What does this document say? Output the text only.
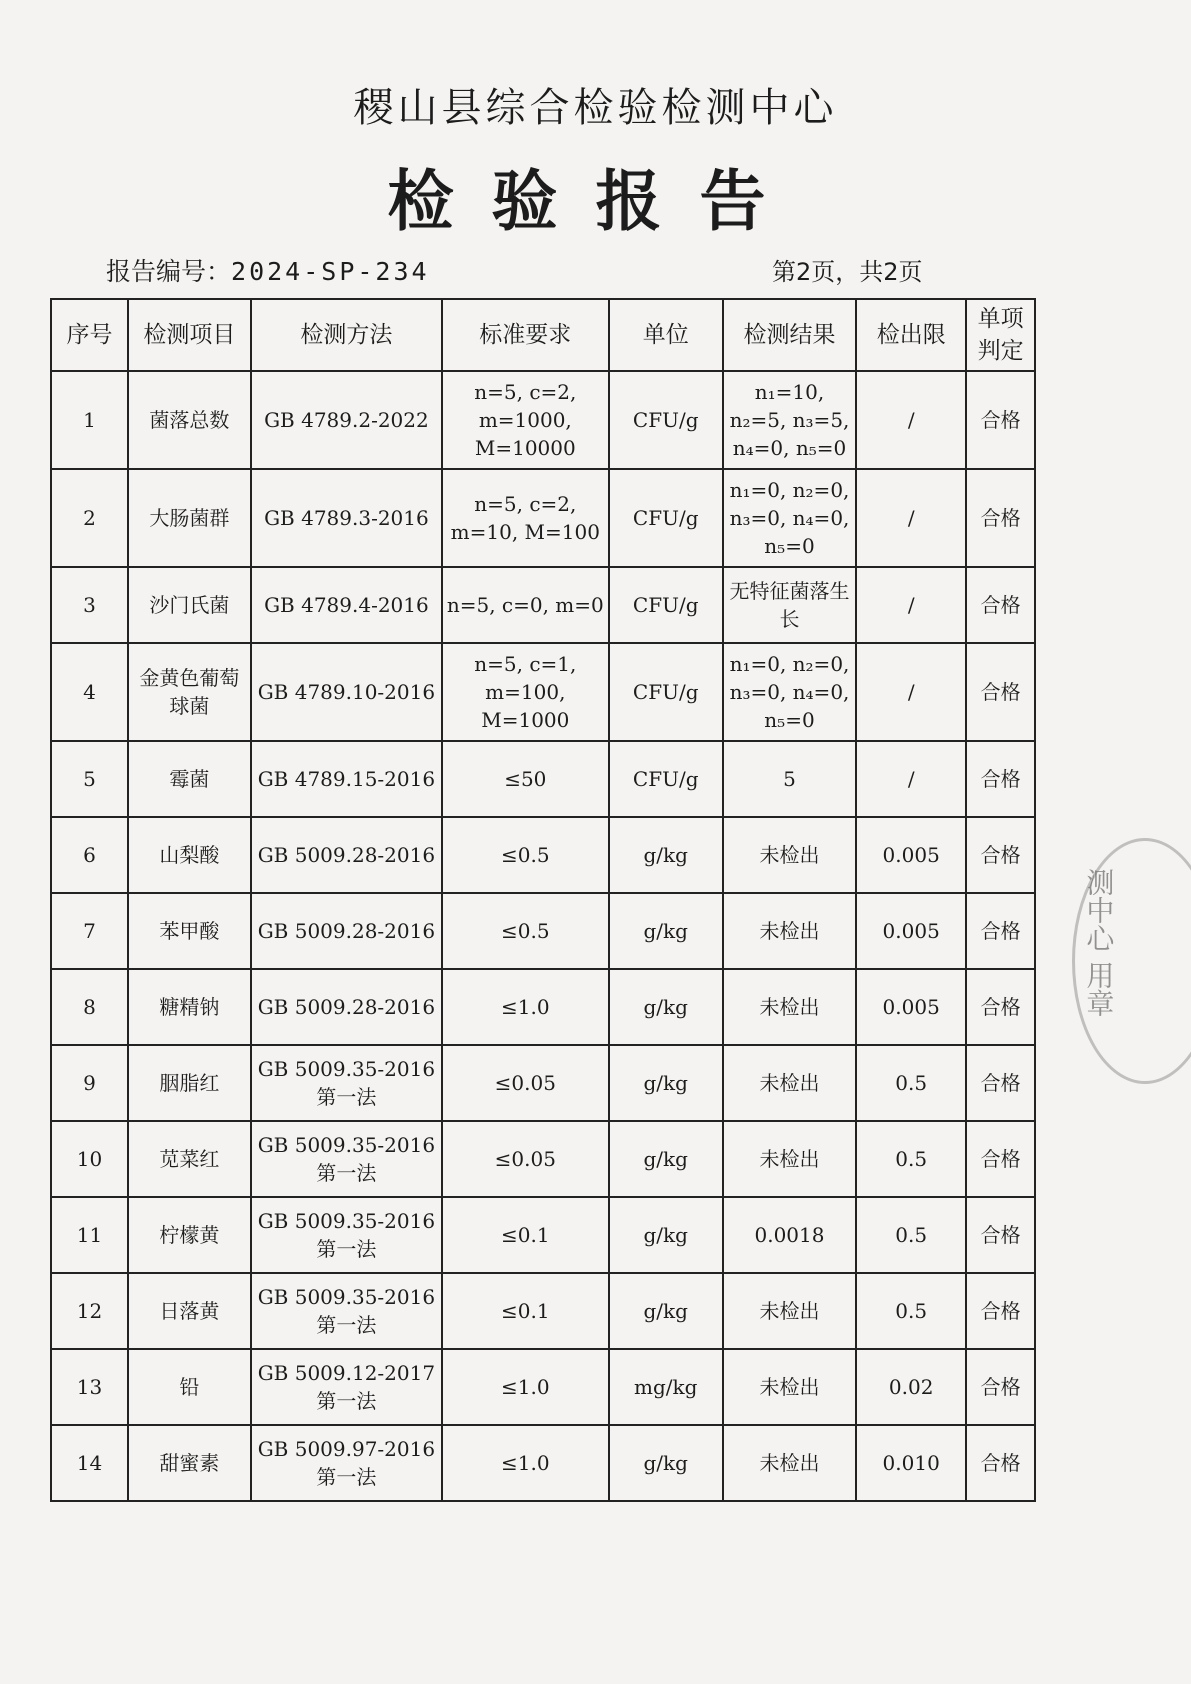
稷山县综合检验检测中心
检验报告
报告编号：2024-SP-234	第2页，共2页
序号	检测项目	检测方法	标准要求	单位	检测结果	检出限	单项判定
1	菌落总数	GB 4789.2-2022	n=5, c=2, m=1000, M=10000	CFU/g	n₁=10, n₂=5, n₃=5, n₄=0, n₅=0	/	合格
2	大肠菌群	GB 4789.3-2016	n=5, c=2, m=10, M=100	CFU/g	n₁=0, n₂=0, n₃=0, n₄=0, n₅=0	/	合格
3	沙门氏菌	GB 4789.4-2016	n=5, c=0, m=0	CFU/g	无特征菌落生长	/	合格
4	金黄色葡萄球菌	GB 4789.10-2016	n=5, c=1, m=100, M=1000	CFU/g	n₁=0, n₂=0, n₃=0, n₄=0, n₅=0	/	合格
5	霉菌	GB 4789.15-2016	≤50	CFU/g	5	/	合格
6	山梨酸	GB 5009.28-2016	≤0.5	g/kg	未检出	0.005	合格
7	苯甲酸	GB 5009.28-2016	≤0.5	g/kg	未检出	0.005	合格
8	糖精钠	GB 5009.28-2016	≤1.0	g/kg	未检出	0.005	合格
9	胭脂红	GB 5009.35-2016 第一法	≤0.05	g/kg	未检出	0.5	合格
10	苋菜红	GB 5009.35-2016 第一法	≤0.05	g/kg	未检出	0.5	合格
11	柠檬黄	GB 5009.35-2016 第一法	≤0.1	g/kg	0.0018	0.5	合格
12	日落黄	GB 5009.35-2016 第一法	≤0.1	g/kg	未检出	0.5	合格
13	铅	GB 5009.12-2017 第一法	≤1.0	mg/kg	未检出	0.02	合格
14	甜蜜素	GB 5009.97-2016 第一法	≤1.0	g/kg	未检出	0.010	合格
测中心 用章
